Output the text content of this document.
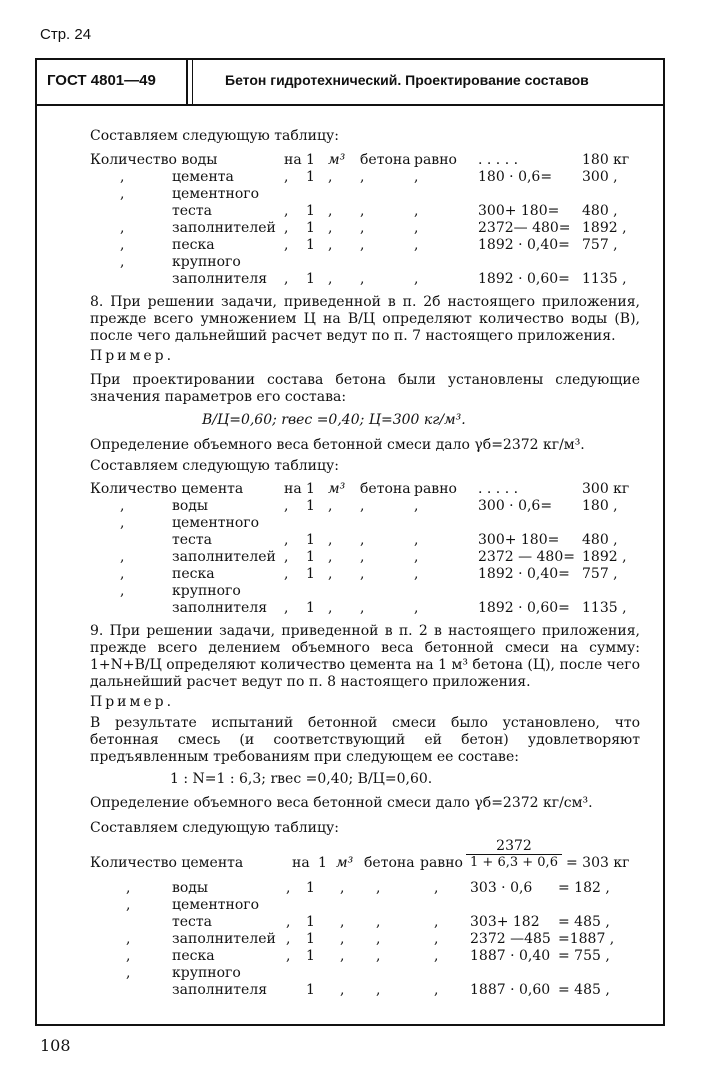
Стр. 24
ГОСТ 4801—49	Бетон гидротехнический. Проектирование составов
Составляем следующую таблицу:
Количество воды	на 1 м³ бетона равно . . . . .	180 кг
,	цемента	, 1 , ,	,	180 · 0,6= 300 ,
,	цементного
теста	, 1 , ,	,	300+ 180= 480 ,
,	заполнителей , 1 , ,	,	2372— 480= 1892 ,
,	песка	, 1 , ,	,	1892 · 0,40= 757 ,
,	крупного
заполнителя , 1 , ,	,	1892 · 0,60= 1135 ,
8. При решении задачи, приведенной в п. 2б настоящего приложения, прежде всего умножением Ц на В/Ц определяют количество воды (В), после чего дальнейший расчет ведут по п. 7 настоящего приложения.
Пример.
При проектировании состава бетона были установлены следующие значения параметров его состава:
В/Ц=0,60; rвес =0,40; Ц=300 кг/м³.
Определение объемного веса бетонной смеси дало γб=2372 кг/м³.
Составляем следующую таблицу:
Количество цемента	на 1 м³ бетона равно . . . . .	300 кг
,	воды	, 1 , ,	,	300 · 0,6= 180 ,
,	цементного
теста	, 1 , ,	,	300+ 180= 480 ,
,	заполнителей , 1 , ,	,	2372 — 480= 1892 ,
,	песка	, 1 , ,	,	1892 · 0,40= 757 ,
,	крупного
заполнителя , 1 , ,	,	1892 · 0,60= 1135 ,
9. При решении задачи, приведенной в п. 2 в настоящего приложения, прежде всего делением объемного веса бетонной смеси на сумму: 1+N+В/Ц определяют количество цемента на 1 м³ бетона (Ц), после чего дальнейший расчет ведут по п. 8 настоящего приложения.
Пример.
В результате испытаний бетонной смеси было установлено, что бетонная смесь (и соответствующий ей бетон) удовлетворяют предъявленным требованиям при следующем ее составе:
1 : N=1 : 6,3; rвес =0,40; В/Ц=0,60.
Определение объемного веса бетонной смеси дало γб=2372 кг/см³.
Составляем следующую таблицу:
Количество цемента	на 1 м³ бетона равно $\frac{2372}{1 + 6,3 + 0,6} = 303$ кг
,	воды	, 1 , ,	, 303 · 0,6 = 182 ,
,	цементного
теста	, 1 , ,	, 303+ 182 = 485 ,
,	заполнителей , 1 , ,	, 2372 —485 =1887 ,
,	песка	, 1 , ,	, 1887 · 0,40 = 755 ,
,	крупного
заполнителя	1 , ,	, 1887 · 0,60 = 485 ,
108
